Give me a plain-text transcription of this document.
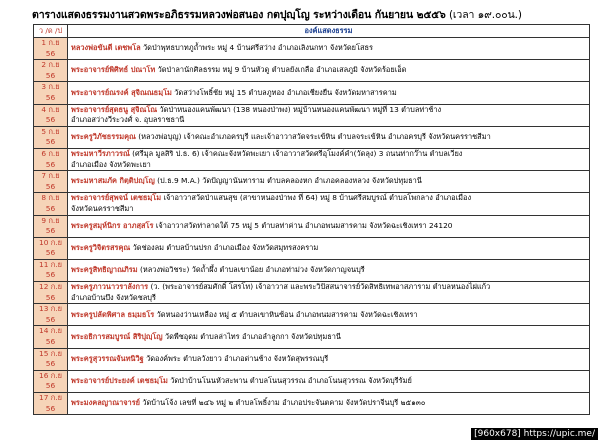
ตารางแสดงธรรมงานสวดพระอภิธรรมหลวงพ่อสนอง กตปุญฺโญ ระหว่างเดือน กันยายน ๒๕๕๖ (เวลา ๑๙.๐๐น.)
ว /ด /ป	องค์แสดงธรรม
1 ก.ย 56	หลวงพ่อขันตี เตชพโล วัดป่าพุทธบาทภูถ้ำพระ หมู่ 4 บ้านศรีสว่าง อำเภอเลิงนกทา จังหวัดยโสธร

2 ก.ย 56	พระอาจารย์พิศิทธ์ ปณาโท วัดป่าลานักศิลธรรม หมู่ 9 บ้านหัวดู ตำบลยังเกลือ อำเภอเสลภูมิ จังหวัดร้อยเอ็ด

3 ก.ย 56	พระอาจารย์ณรงค์ สุจิณณธมฺโม วัดสว่างโพธิ์ชัย หมู่ 15 ตำบลภูทอง อำเภอเชียงยืน จังหวัดมหาสารคาม

4 ก.ย 56	พระอาจารย์สุดธนู สุจิณโณ วัดป่าหนองแคนพัฒนา (138 หนองป่าพง) หมู่บ้านหนองแคนพัฒนา หมู่ที่ 13 ตำบลท่าช้าง
อำเภอสว่างวีระวงศ์ จ. อุบลราชธานี

5 ก.ย 56	พระครูวิภัชธรรมคุณ (หลวงพ่อบุญ) เจ้าคณะอำเภอครบุรี และเจ้าอาวาสวัดจระเข้หิน ตำบลจระเข้หิน อำเภอครบุรี จังหวัดนครราชสีมา

6 ก.ย 56	พระมหาวีรภาวรณ์ (ศรีมุล มูลสิริ ป.ธ. 6) เจ้าคณะจังหวัดพะเยา เจ้าอาวาสวัดศรีอุโมงค์คำ(วัดลุง) 3 ถนนท่ากว๊าน ตำบลเวียง
อำเภอเมือง จังหวัดพะเยา

7 ก.ย 56	พระมหาสมภัค กิตฺติปญฺโญ (ป.ธ.9 M.A.) วัดปัญญานันทาราม ตำบลคลองหก อำเภอคลองหลวง จังหวัดปทุมธานี

8 ก.ย 56	พระอาจารย์สุพจน์ เตชธมฺโม เจ้าอาวาสวัดป่าแสนสุข (สาขาหนองป่าพง ที่ 64) หมู่ 8 บ้านศรีสมบูรณ์ ตำบลโพกลาง อำเภอเมือง
จังหวัดนครราชสีมา

9 ก.ย 56	พระครูสมุห์นิกร อาภสฺสโร เจ้าอาวาสวัดท่าลาดใต้ 75 หมู่ 5 ตำบลท่าค่าน อำเภอพนมสารคาม จังหวัดฉะเชิงเทรา 24120

10 ก.ย 56	พระครูวิจิตรสรคุณ วัดช่องลม ตำบลบ้านปรก อำเภอเมือง จังหวัดสมุทรสงคราม

11 ก.ย 56	พระครูสิทธิญาณภิรม (หลวงพ่อวิชระ) วัดถ้ำผึ้ง ตำบลเขาน้อย อำเภอท่าม่วง จังหวัดกาญจนบุรี

12 ก.ย 56	พระครูภาวนาวราลังการ (ว. (พระอาจารย์สมศักดิ์ โสรโท) เจ้าอาวาส และพระวิปัสสนาจารย์วัดสิทธิเทพอาสภาราม ตำบลหนองไผ่แก้ว
อำเภอบ้านบึง จังหวัดชลบุรี

13 ก.ย 56	พระครูปลัดพิศาล ธมฺมธโร วัดหนองว่านเหลือง หมู่ ๕ ตำบลเขาหินซ้อน อำเภอพนมสารคาม จังหวัดฉะเชิงเทรา

14 ก.ย 56	พระอธิการสมบูรณ์ สิริปุญฺโญ วัดพืชอุดม ตำบลล่าไทร อำเภอลำลูกกา จังหวัดปทุมธานี

15 ก.ย 56	พระครูสุวรรณจันทนิวิฐ วัดองค์พระ ตำบลวังยาว อำเภอด่านช้าง จังหวัดสุพรรณบุรี

16 ก.ย 56	พระอาจารย์ประยงค์ เตชธมฺโม วัดป่าบ้านโนนหัวสะพาน ตำบลโนนสุวรรณ อำเภอโนนสุวรรณ จังหวัดบุรีรัมย์

17 ก.ย 56	พระมงคลญาณาจารย์ วัดบ้านโจ้ง เลขที่ ๒๔๖ หมู่ ๒ ตำบลโพธิ์งาม อำเภอประจันตคาม จังหวัดปราจีนบุรี ๒๕๑๓๐
[960x678] https://upic.me/
